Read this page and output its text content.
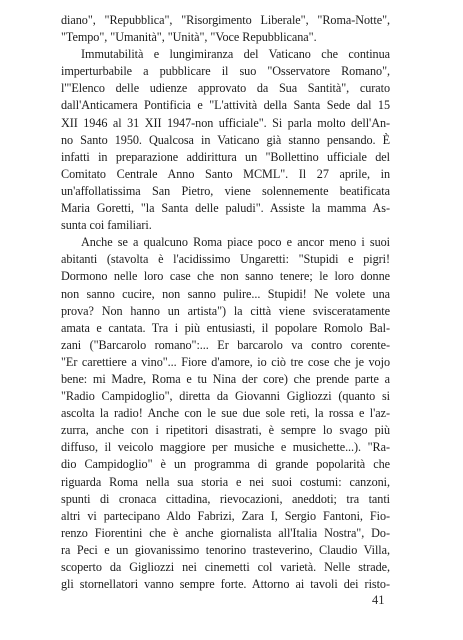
diano", "Repubblica", "Risorgimento Liberale", "Roma-Notte",
"Tempo", "Umanità", "Unità", "Voce Repubblicana".
Immutabilità e lungimiranza del Vaticano che continua
imperturbabile a pubblicare il suo "Osservatore Romano",
l'"Elenco delle udienze approvato da Sua Santità", curato
dall'Anticamera Pontificia e "L'attività della Santa Sede dal 15
XII 1946 al 31 XII 1947-non ufficiale". Si parla molto dell'An-
no Santo 1950. Qualcosa in Vaticano già stanno pensando. È
infatti in preparazione addirittura un "Bollettino ufficiale del
Comitato Centrale Anno Santo MCML". Il 27 aprile, in
un'affollatissima San Pietro, viene solennemente beatificata
Maria Goretti, "la Santa delle paludi". Assiste la mamma As-
sunta coi familiari.
Anche se a qualcuno Roma piace poco e ancor meno i suoi
abitanti (stavolta è l'acidissimo Ungaretti: "Stupidi e pigri!
Dormono nelle loro case che non sanno tenere; le loro donne
non sanno cucire, non sanno pulire... Stupidi! Ne volete una
prova? Non hanno un artista") la città viene svisceratamente
amata e cantata. Tra i più entusiasti, il popolare Romolo Bal-
zani ("Barcarolo romano":... Er barcarolo va contro corente-
"Er carettiere a vino"... Fiore d'amore, io ciò tre cose che je vojo
bene: mi Madre, Roma e tu Nina der core) che prende parte a
"Radio Campidoglio", diretta da Giovanni Gigliozzi (quanto si
ascolta la radio! Anche con le sue due sole reti, la rossa e l'az-
zurra, anche con i ripetitori disastrati, è sempre lo svago più
diffuso, il veicolo maggiore per musiche e musichette...). "Ra-
dio Campidoglio" è un programma di grande popolarità che
riguarda Roma nella sua storia e nei suoi costumi: canzoni,
spunti di cronaca cittadina, rievocazioni, aneddoti; tra tanti
altri vi partecipano Aldo Fabrizi, Zara I, Sergio Fantoni, Fio-
renzo Fiorentini che è anche giornalista all'Italia Nostra", Do-
ra Peci e un giovanissimo tenorino trasteverino, Claudio Villa,
scoperto da Gigliozzi nei cinemetti col varietà. Nelle strade,
gli stornellatori vanno sempre forte. Attorno ai tavoli dei risto-
41
